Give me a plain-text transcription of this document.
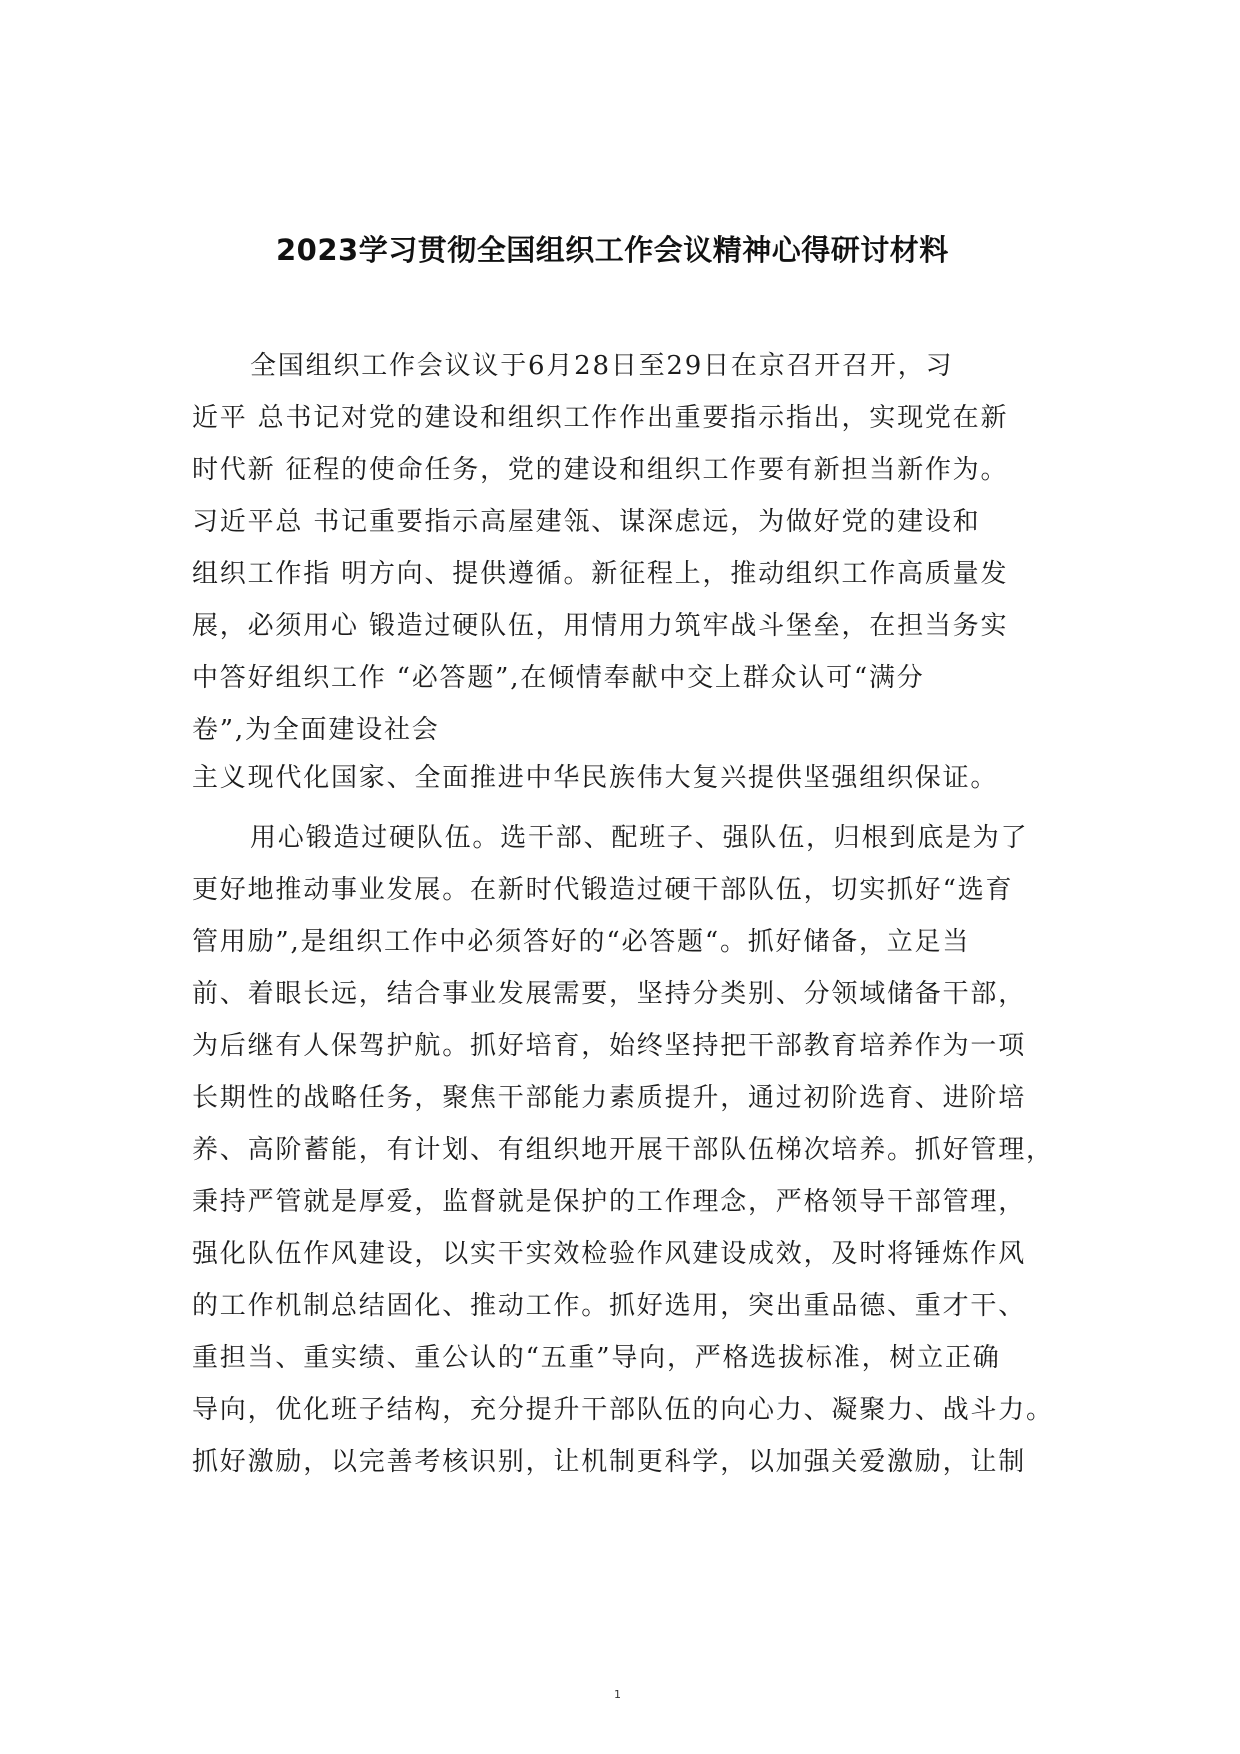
2023学习贯彻全国组织工作会议精神心得研讨材料

全国组织工作会议议于6月28日至29日在京召开召开，习

近平 总书记对党的建设和组织工作作出重要指示指出，实现党在新

时代新 征程的使命任务，党的建设和组织工作要有新担当新作为。

习近平总 书记重要指示高屋建瓴、谋深虑远，为做好党的建设和

组织工作指 明方向、提供遵循。新征程上，推动组织工作高质量发

展，必须用心 锻造过硬队伍，用情用力筑牢战斗堡垒，在担当务实

中答好组织工作 “必答题”,在倾情奉献中交上群众认可“满分

卷”,为全面建设社会

主义现代化国家、全面推进中华民族伟大复兴提供坚强组织保证。

用心锻造过硬队伍。选干部、配班子、强队伍，归根到底是为了

更好地推动事业发展。在新时代锻造过硬干部队伍，切实抓好“选育

管用励”,是组织工作中必须答好的“必答题“。抓好储备，立足当

前、着眼长远，结合事业发展需要，坚持分类别、分领域储备干部，

为后继有人保驾护航。抓好培育，始终坚持把干部教育培养作为一项

长期性的战略任务，聚焦干部能力素质提升，通过初阶选育、进阶培

养、高阶蓄能，有计划、有组织地开展干部队伍梯次培养。抓好管理，

秉持严管就是厚爱，监督就是保护的工作理念，严格领导干部管理，

强化队伍作风建设，以实干实效检验作风建设成效，及时将锤炼作风

的工作机制总结固化、推动工作。抓好选用，突出重品德、重才干、

重担当、重实绩、重公认的“五重”导向，严格选拔标准，树立正确

导向，优化班子结构，充分提升干部队伍的向心力、凝聚力、战斗力。

抓好激励，以完善考核识别，让机制更科学，以加强关爱激励，让制

1
